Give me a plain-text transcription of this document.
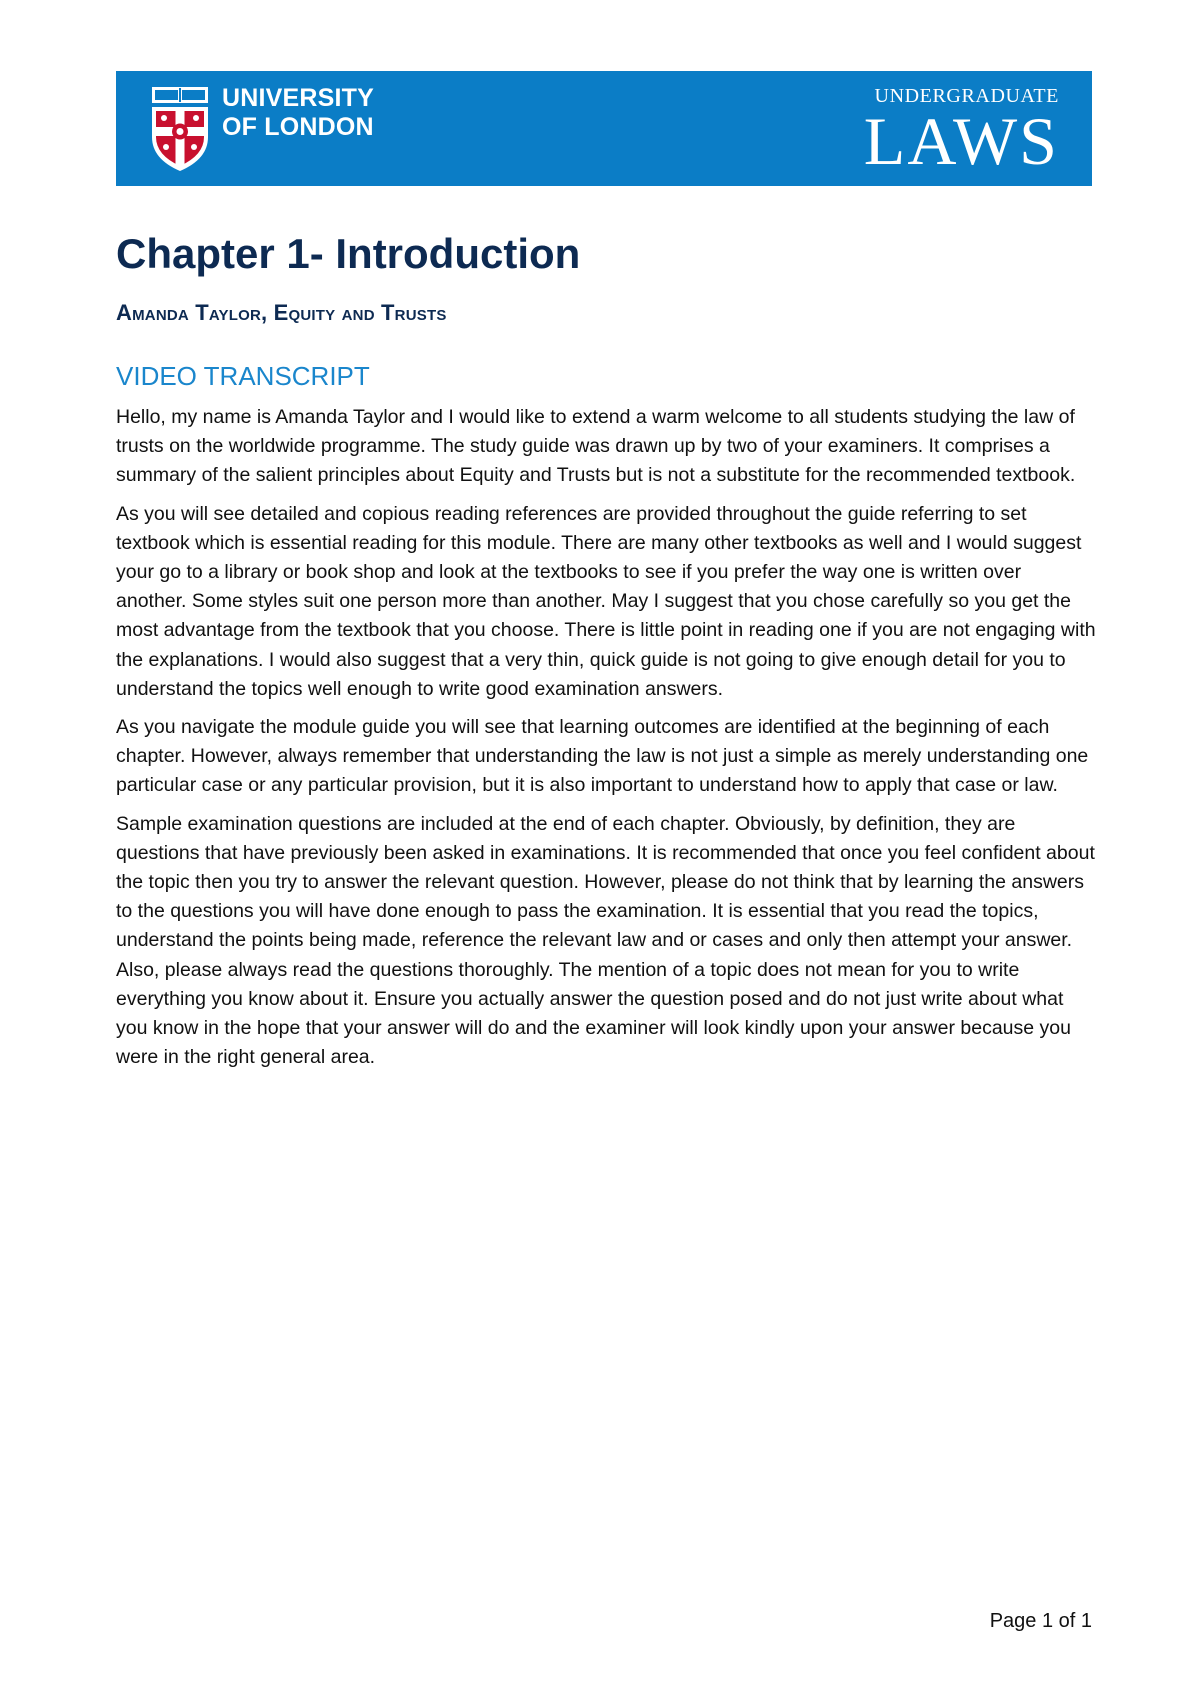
UNIVERSITY
OF LONDON
UNDERGRADUATE
LAWS
Chapter 1- Introduction
Amanda Taylor, Equity and Trusts
VIDEO TRANSCRIPT

Hello, my name is Amanda Taylor and I would like to extend a warm welcome to all students studying the law of trusts on the worldwide programme. The study guide was drawn up by two of your examiners. It comprises a summary of the salient principles about Equity and Trusts but is not a substitute for the recommended textbook.

As you will see detailed and copious reading references are provided throughout the guide referring to set textbook which is essential reading for this module. There are many other textbooks as well and I would suggest your go to a library or book shop and look at the textbooks to see if you prefer the way one is written over another. Some styles suit one person more than another. May I suggest that you chose carefully so you get the most advantage from the textbook that you choose. There is little point in reading one if you are not engaging with the explanations. I would also suggest that a very thin, quick guide is not going to give enough detail for you to understand the topics well enough to write good examination answers.

As you navigate the module guide you will see that learning outcomes are identified at the beginning of each chapter. However, always remember that understanding the law is not just a simple as merely understanding one particular case or any particular provision, but it is also important to understand how to apply that case or law.

Sample examination questions are included at the end of each chapter. Obviously, by definition, they are questions that have previously been asked in examinations. It is recommended that once you feel confident about the topic then you try to answer the relevant question. However, please do not think that by learning the answers to the questions you will have done enough to pass the examination. It is essential that you read the topics, understand the points being made, reference the relevant law and or cases and only then attempt your answer. Also, please always read the questions thoroughly. The mention of a topic does not mean for you to write everything you know about it. Ensure you actually answer the question posed and do not just write about what you know in the hope that your answer will do and the examiner will look kindly upon your answer because you were in the right general area.

Page 1 of 1
